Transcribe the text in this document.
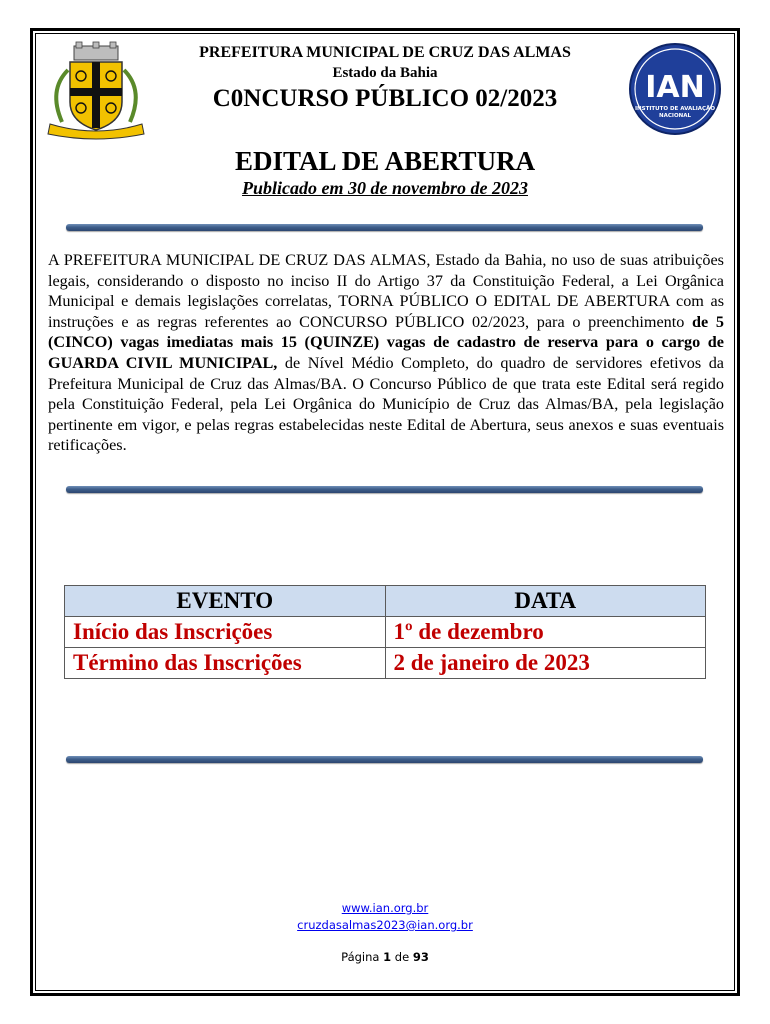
IAN
INSTITUTO DE AVALIAÇÃO
NACIONAL
PREFEITURA MUNICIPAL DE CRUZ DAS ALMAS
Estado da Bahia
C0NCURSO PÚBLICO 02/2023
EDITAL DE ABERTURA
Publicado em 30 de novembro de 2023
A PREFEITURA MUNICIPAL DE CRUZ DAS ALMAS, Estado da Bahia, no uso de suas atribuições legais, considerando o disposto no inciso II do Artigo 37 da Constituição Federal, a Lei Orgânica Municipal e demais legislações correlatas, TORNA PÚBLICO O EDITAL DE ABERTURA com as instruções e as regras referentes ao CONCURSO PÚBLICO 02/2023, para o preenchimento de 5 (CINCO) vagas imediatas mais 15 (QUINZE) vagas de cadastro de reserva para o cargo de GUARDA CIVIL MUNICIPAL, de Nível Médio Completo, do quadro de servidores efetivos da Prefeitura Municipal de Cruz das Almas/BA. O Concurso Público de que trata este Edital será regido pela Constituição Federal, pela Lei Orgânica do Município de Cruz das Almas/BA, pela legislação pertinente em vigor, e pelas regras estabelecidas neste Edital de Abertura, seus anexos e suas eventuais retificações.
EVENTO	DATA
Início das Inscrições	1º de dezembro
Término das Inscrições	2 de janeiro de 2023
www.ian.org.br
cruzdasalmas2023@ian.org.br
Página 1 de 93
